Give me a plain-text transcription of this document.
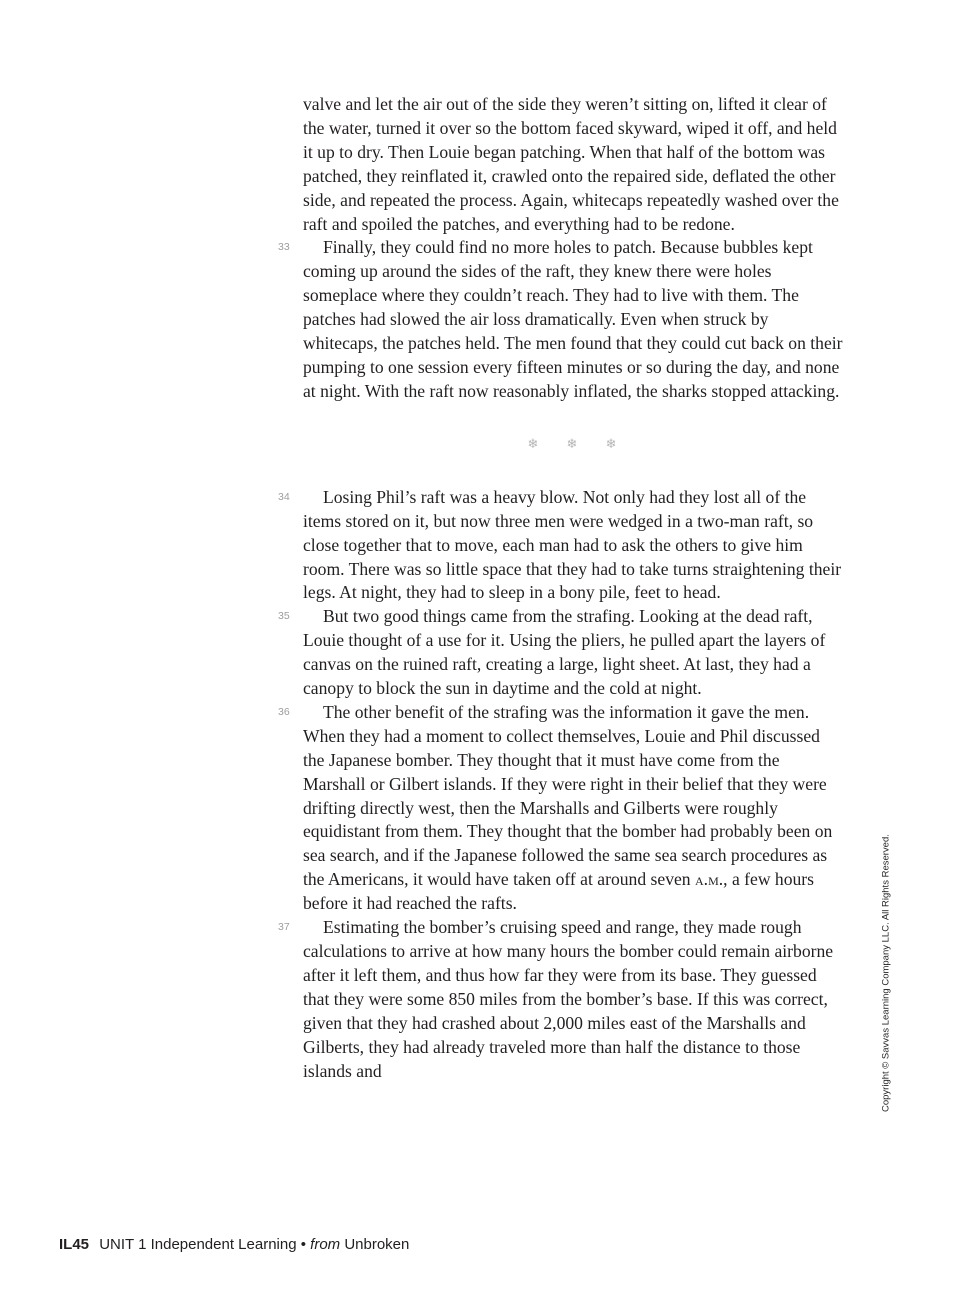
valve and let the air out of the side they weren’t sitting on, lifted it clear of the water, turned it over so the bottom faced skyward, wiped it off, and held it up to dry. Then Louie began patching. When that half of the bottom was patched, they reinflated it, crawled onto the repaired side, deflated the other side, and repeated the process. Again, whitecaps repeatedly washed over the raft and spoiled the patches, and everything had to be redone.

33 Finally, they could find no more holes to patch. Because bubbles kept coming up around the sides of the raft, they knew there were holes someplace where they couldn’t reach. They had to live with them. The patches had slowed the air loss dramatically. Even when struck by whitecaps, the patches held. The men found that they could cut back on their pumping to one session every fifteen minutes or so during the day, and none at night. With the raft now reasonably inflated, the sharks stopped attacking.

❄ ❄ ❄

34 Losing Phil’s raft was a heavy blow. Not only had they lost all of the items stored on it, but now three men were wedged in a two-man raft, so close together that to move, each man had to ask the others to give him room. There was so little space that they had to take turns straightening their legs. At night, they had to sleep in a bony pile, feet to head.

35 But two good things came from the strafing. Looking at the dead raft, Louie thought of a use for it. Using the pliers, he pulled apart the layers of canvas on the ruined raft, creating a large, light sheet. At last, they had a canopy to block the sun in daytime and the cold at night.

36 The other benefit of the strafing was the information it gave the men. When they had a moment to collect themselves, Louie and Phil discussed the Japanese bomber. They thought that it must have come from the Marshall or Gilbert islands. If they were right in their belief that they were drifting directly west, then the Marshalls and Gilberts were roughly equidistant from them. They thought that the bomber had probably been on sea search, and if the Japanese followed the same sea search procedures as the Americans, it would have taken off at around seven a.m., a few hours before it had reached the rafts.

37 Estimating the bomber’s cruising speed and range, they made rough calculations to arrive at how many hours the bomber could remain airborne after it left them, and thus how far they were from its base. They guessed that they were some 850 miles from the bomber’s base. If this was correct, given that they had crashed about 2,000 miles east of the Marshalls and Gilberts, they had already traveled more than half the distance to those islands and

IL45 UNIT 1 Independent Learning • from Unbroken
Copyright © Savvas Learning Company LLC. All Rights Reserved.
